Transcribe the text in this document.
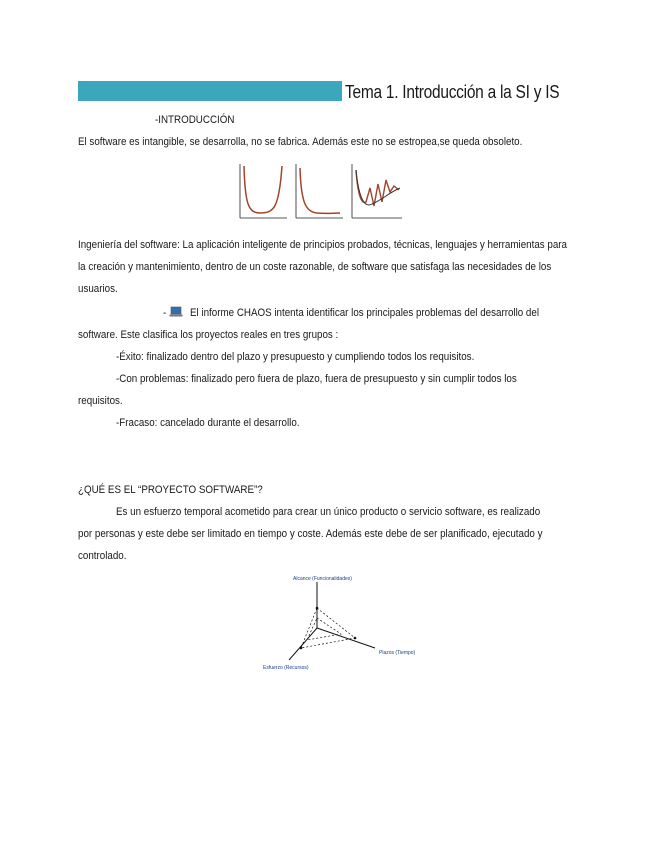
Tema 1. Introducción a la SI y IS
-INTRODUCCIÓN
El software es intangible, se desarrolla, no se fabrica. Además este no se estropea,se queda obsoleto.
Ingeniería del software: La aplicación inteligente de principios probados, técnicas, lenguajes y herramientas para la creación y mantenimiento, dentro de un coste razonable, de software que satisfaga las necesidades de los usuarios.
- El informe CHAOS intenta identificar los principales problemas del desarrollo del
software. Este clasifica los proyectos reales en tres grupos :
-Éxito: finalizado dentro del plazo y presupuesto y cumpliendo todos los requisitos.
-Con problemas: finalizado pero fuera de plazo, fuera de presupuesto y sin cumplir todos los
requisitos.
-Fracaso: cancelado durante el desarrollo.
¿QUÉ ES EL “PROYECTO SOFTWARE”?
Es un esfuerzo temporal acometido para crear un único producto o servicio software, es realizado
por personas y este debe ser limitado en tiempo y coste. Además este debe de ser planificado, ejecutado y
controlado.
Alcance (Funcionalidades)
Plazos (Tiempo)
Esfuerzo (Recursos)
